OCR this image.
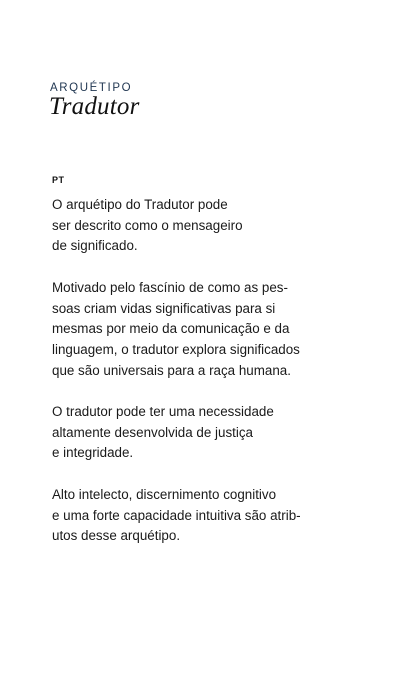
ARQUÉTIPO
Tradutor
PT

O arquétipo do Tradutor pode
ser descrito como o mensageiro
de significado.

Motivado pelo fascínio de como as pes-
soas criam vidas significativas para si
mesmas por meio da comunicação e da
linguagem, o tradutor explora significados
que são universais para a raça humana.

O tradutor pode ter uma necessidade
altamente desenvolvida de justiça
e integridade.

Alto intelecto, discernimento cognitivo
e uma forte capacidade intuitiva são atrib-
utos desse arquétipo.
